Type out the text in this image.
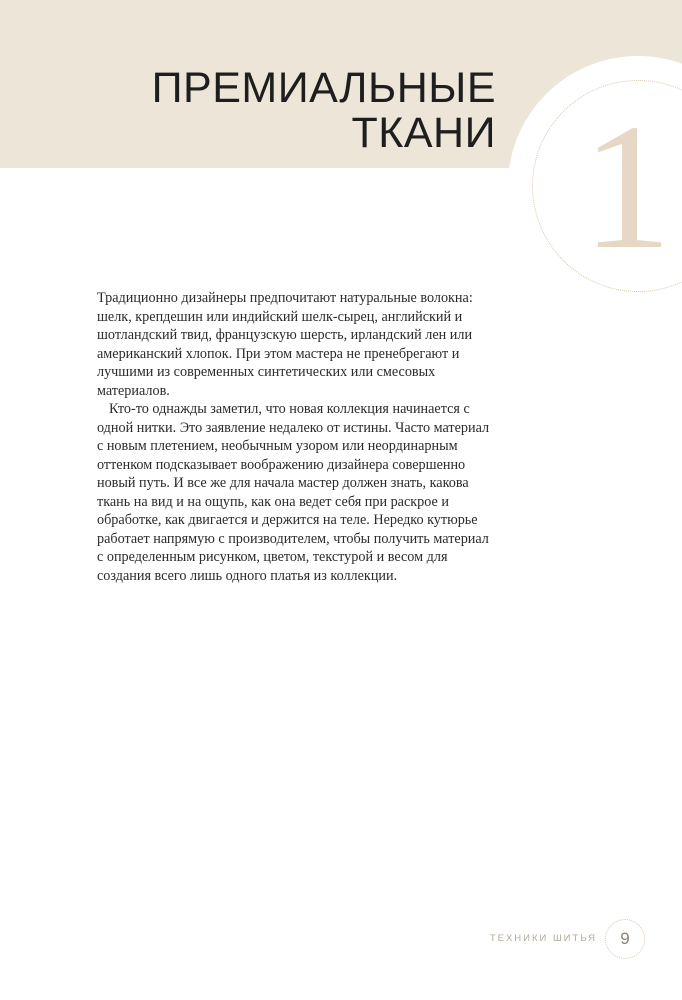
1
ПРЕМИАЛЬНЫЕ
ТКАНИ

Традиционно дизайнеры предпочитают натуральные волокна: шелк, крепдешин или индийский шелк-сырец, английский и шотландский твид, французскую шерсть, ирландский лен или американский хлопок. При этом мастера не пренебрегают и лучшими из современных синтетических или смесовых материалов.

Кто-то однажды заметил, что новая коллекция начинается с одной нитки. Это заявление недалеко от истины. Часто материал с новым плетением, необычным узором или неординарным оттенком подсказывает воображению дизайнера совершенно новый путь. И все же для начала мастер должен знать, какова ткань на вид и на ощупь, как она ведет себя при раскрое и обработке, как двигается и держится на теле. Нередко кутюрье работает напрямую с производителем, чтобы получить материал с определенным рисунком, цветом, текстурой и весом для создания всего лишь одного платья из коллекции.

ТЕХНИКИ ШИТЬЯ	9
